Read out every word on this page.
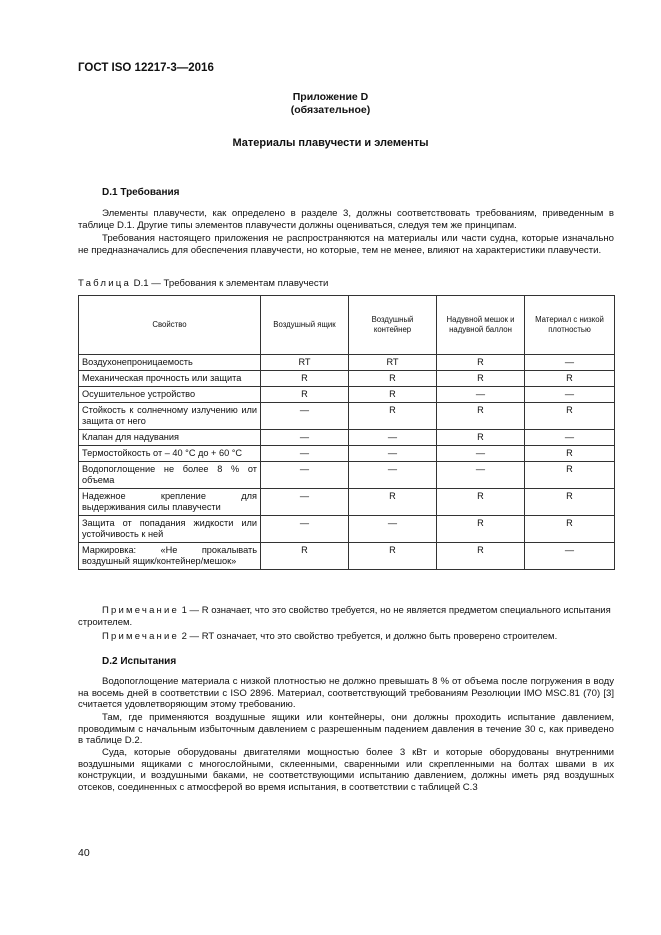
ГОСТ ISO 12217-3—2016
Приложение D
(обязательное)
Материалы плавучести и элементы
D.1 Требования

Элементы плавучести, как определено в разделе 3, должны соответствовать требованиям, приведенным в таблице D.1. Другие типы элементов плавучести должны оцениваться, следуя тем же принципам.

Требования настоящего приложения не распространяются на материалы или части судна, которые изначально не предназначались для обеспечения плавучести, но которые, тем не менее, влияют на характеристики плавучести.

Таблица D.1 — Требования к элементам плавучести
Свойство	Воздушный ящик	Воздушный контейнер	Надувной мешок и надувной баллон	Материал с низкой плотностью
Воздухонепроницаемость	RT	RT	R	—
Механическая прочность или защита	R	R	R	R
Осушительное устройство	R	R	—	—
Стойкость к солнечному излучению или защита от него	—	R	R	R
Клапан для надувания	—	—	R	—
Термостойкость от – 40 °С до + 60 °С	—	—	—	R
Водопоглощение не более 8 % от объема	—	—	—	R
Надежное крепление для выдерживания силы плавучести	—	R	R	R
Защита от попадания жидкости или устойчивость к ней	—	—	R	R
Маркировка: «Не прокалывать воздушный ящик/контейнер/мешок»	R	R	R	—

Примечание 1 — R означает, что это свойство требуется, но не является предметом специального испытания строителем.

Примечание 2 — RT означает, что это свойство требуется, и должно быть проверено строителем.

D.2 Испытания

Водопоглощение материала с низкой плотностью не должно превышать 8 % от объема после погружения в воду на восемь дней в соответствии с ISO 2896. Материал, соответствующий требованиям Резолюции IMO MSC.81 (70) [3] считается удовлетворяющим этому требованию.

Там, где применяются воздушные ящики или контейнеры, они должны проходить испытание давлением, проводимым с начальным избыточным давлением с разрешенным падением давления в течение 30 с, как приведено в таблице D.2.

Суда, которые оборудованы двигателями мощностью более 3 кВт и которые оборудованы внутренними воздушными ящиками с многослойными, склеенными, сваренными или скрепленными на болтах швами в их конструкции, и воздушными баками, не соответствующими испытанию давлением, должны иметь ряд воздушных отсеков, соединенных с атмосферой во время испытания, в соответствии с таблицей С.3

40
